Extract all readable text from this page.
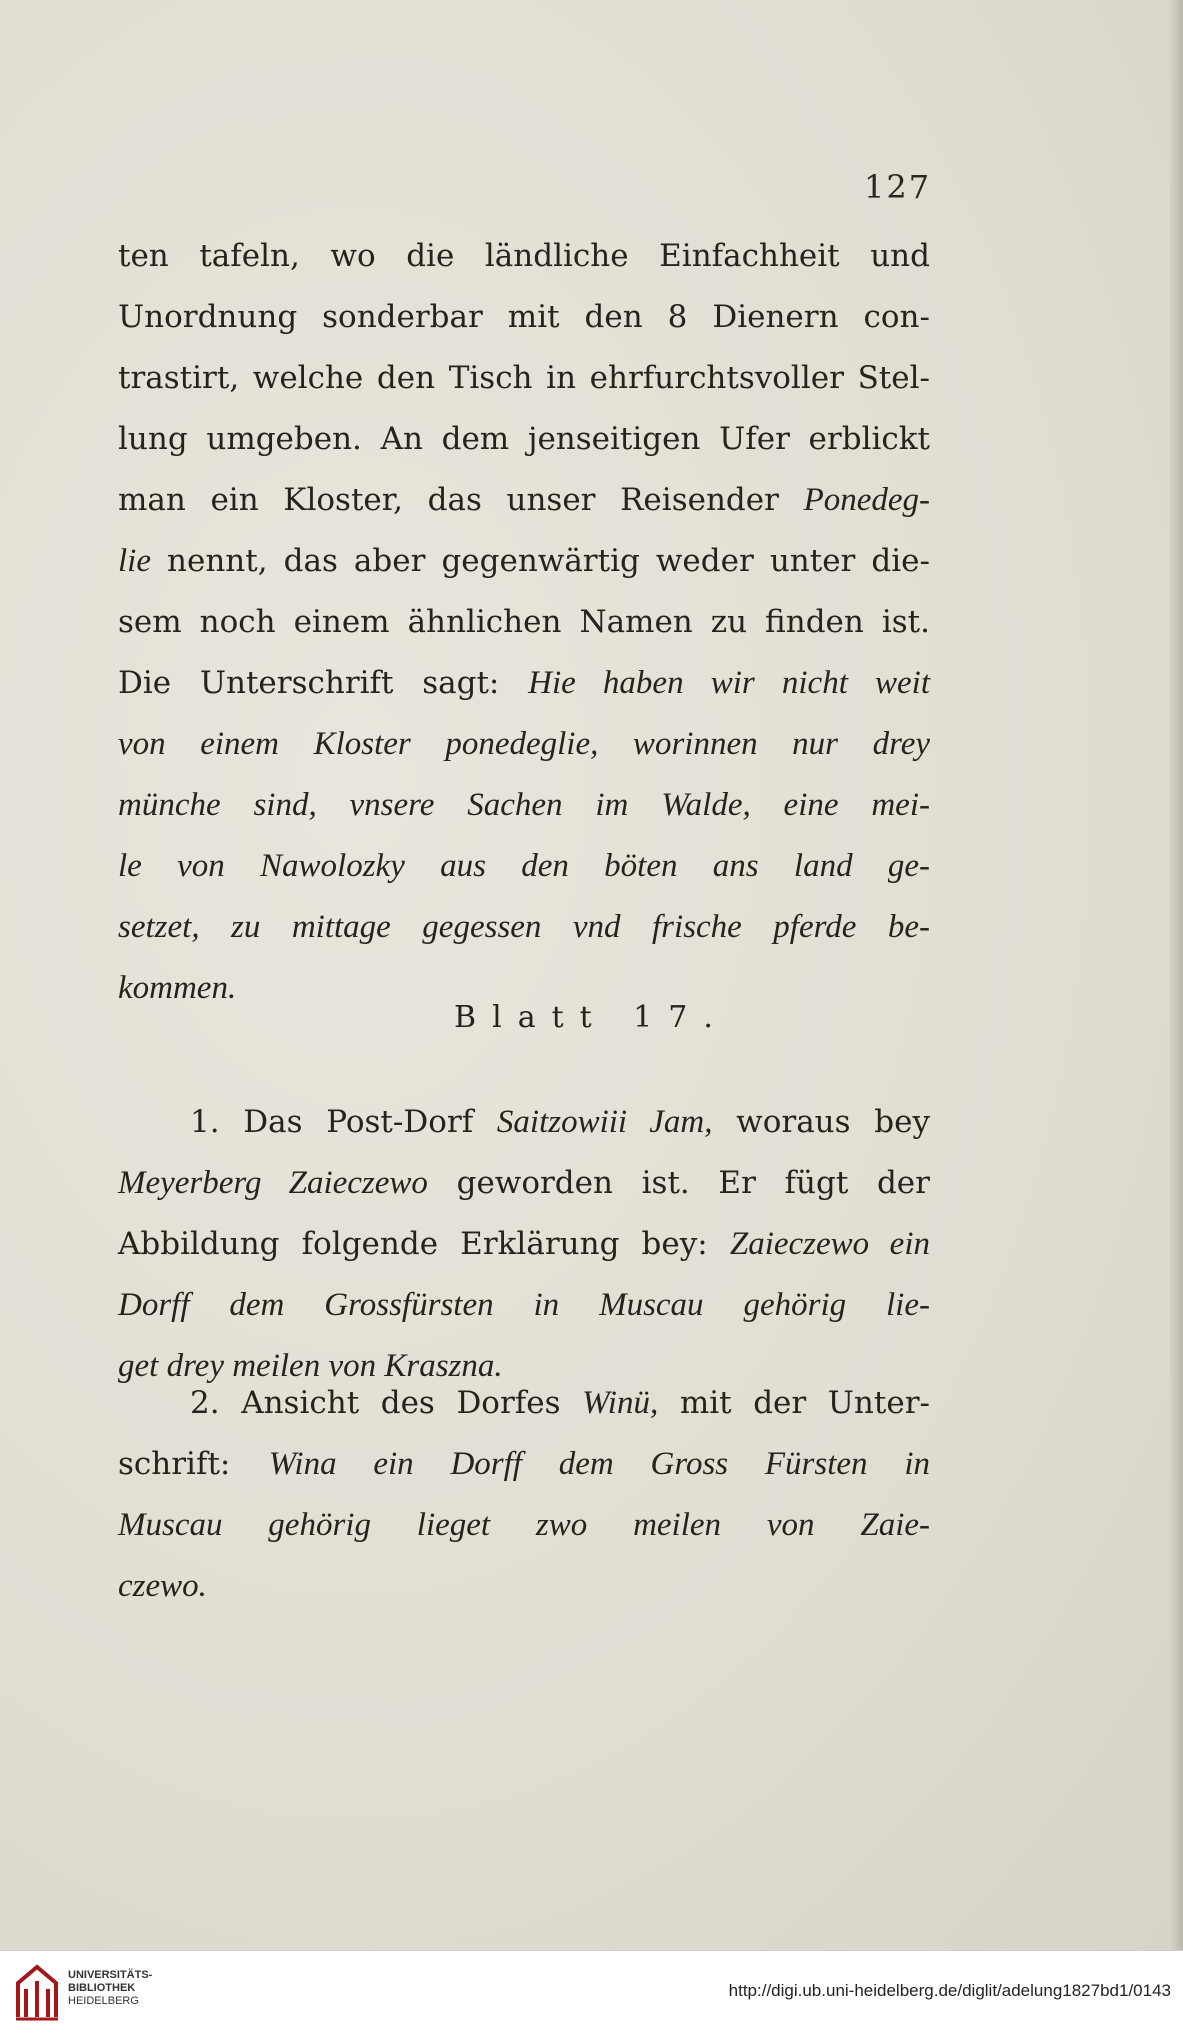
127
ten tafeln, wo die ländliche Einfachheit und
Unordnung sonderbar mit den 8 Dienern con-
trastirt, welche den Tisch in ehrfurchtsvoller Stel-
lung umgeben. An dem jenseitigen Ufer erblickt
man ein Kloster, das unser Reisender Ponedeg-
lie nennt, das aber gegenwärtig weder unter die-
sem noch einem ähnlichen Namen zu finden ist.
Die Unterschrift sagt: Hie haben wir nicht weit
von einem Kloster ponedeglie, worinnen nur drey
münche sind, vnsere Sachen im Walde, eine mei-
le von Nawolozky aus den böten ans land ge-
setzet, zu mittage gegessen vnd frische pferde be-
kommen.
Blatt 17.
1. Das Post-Dorf Saitzowiii Jam, woraus bey
Meyerberg Zaieczewo geworden ist. Er fügt der
Abbildung folgende Erklärung bey: Zaieczewo ein
Dorff dem Grossfürsten in Muscau gehörig lie-
get drey meilen von Kraszna.
2. Ansicht des Dorfes Winü, mit der Unter-
schrift: Wina ein Dorff dem Gross Fürsten in
Muscau gehörig lieget zwo meilen von Zaie-
czewo.
UNIVERSITÄTS-
BIBLIOTHEK
HEIDELBERG
http://digi.ub.uni-heidelberg.de/diglit/adelung1827bd1/0143
